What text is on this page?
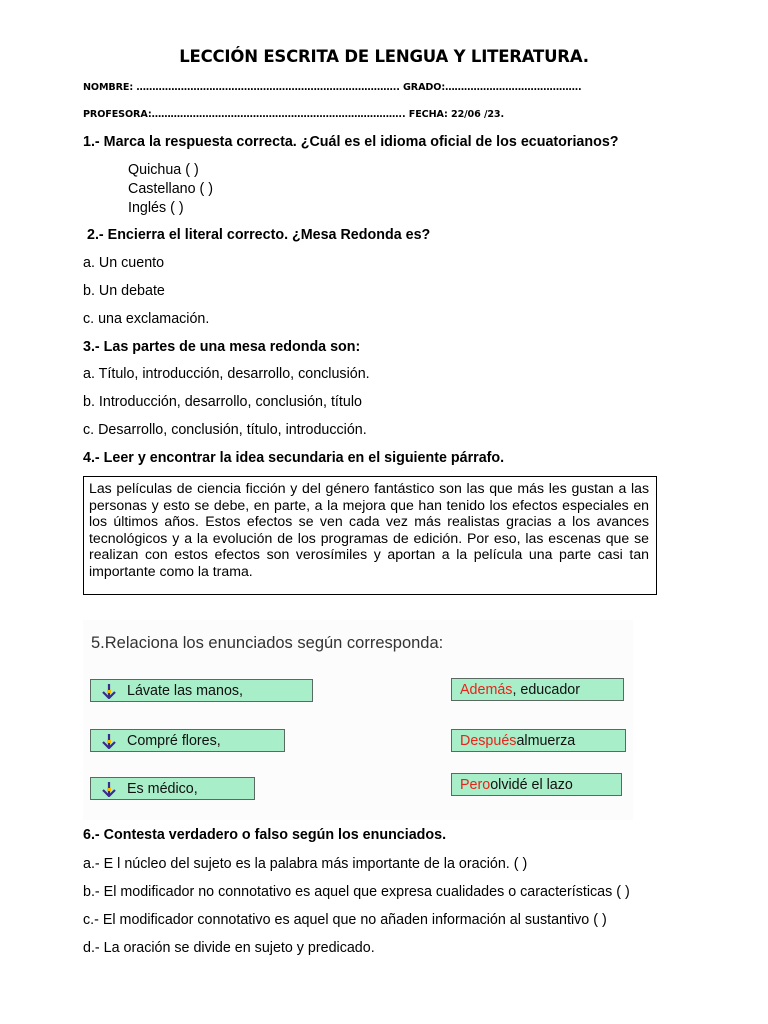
LECCIÓN ESCRITA DE LENGUA Y LITERATURA.
NOMBRE: ……………………………………………………………………….. GRADO:…………………………………….
PROFESORA:…………………………………………………………………….. FECHA: 22/06 /23.
1.- Marca la respuesta correcta. ¿Cuál es el idioma oficial de los ecuatorianos?
Quichua ( )
Castellano ( )
Inglés ( )
2.- Encierra el literal correcto. ¿Mesa Redonda es?
a. Un cuento
b. Un debate
c. una exclamación.
3.- Las partes de una mesa redonda son:
a. Título, introducción, desarrollo, conclusión.
b. Introducción, desarrollo, conclusión, título
c. Desarrollo, conclusión, título, introducción.
4.- Leer y encontrar la idea secundaria en el siguiente párrafo.
Las películas de ciencia ficción y del género fantástico son las que más les gustan a las personas y esto se debe, en parte, a la mejora que han tenido los efectos especiales en los últimos años. Estos efectos se ven cada vez más realistas gracias a los avances tecnológicos y a la evolución de los programas de edición. Por eso, las escenas que se realizan con estos efectos son verosímiles y aportan a la película una parte casi tan importante como la trama.
5.Relaciona los enunciados según corresponda:
Lávate las manos,
Compré flores,
Es médico,
Además , educador
Después almuerza
Pero olvidé el lazo
6.- Contesta verdadero o falso según los enunciados.
a.- E l núcleo del sujeto es la palabra más importante de la oración. ( )
b.- El modificador no connotativo es aquel que expresa cualidades o características ( )
c.- El modificador connotativo es aquel que no añaden información al sustantivo ( )
d.- La oración se divide en sujeto y predicado.
